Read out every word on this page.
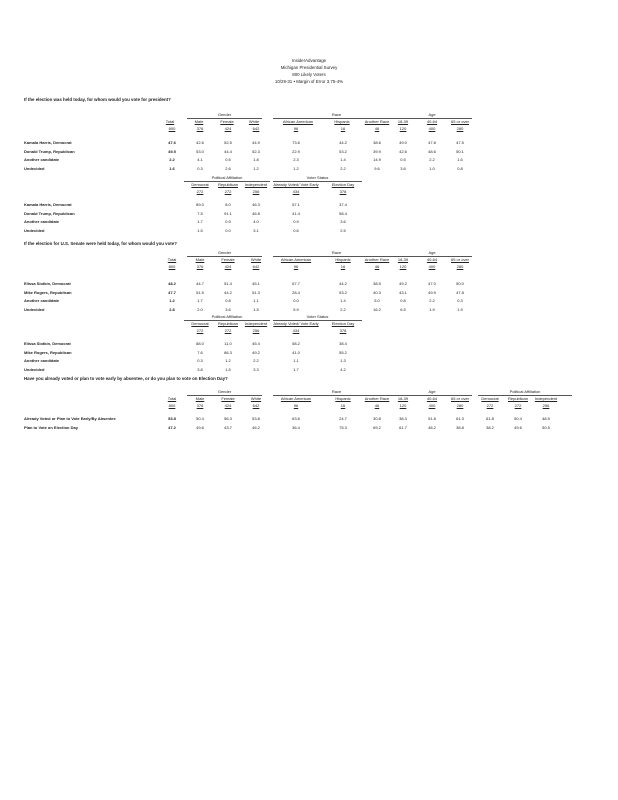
InsiderAdvantage
Michigan Presidential Survey
800 Likely Voters
10/29-31 • Margin of Error 3.75-4%
If the election was held today, for whom would you vote for president?
Gender	Race	Age
Total	Male	Female	White	African American	Hispanic	Another Race	18-39	40-64	65 or over
800	376	424	642	96	16	46	120	400	280
Kamala Harris, Democrat	47.6	42.6	52.5	44.9	73.6	44.2	38.6	49.0	47.8	47.5
Donald Trump, Republican	49.5	53.0	44.4	52.3	22.9	53.2	39.9	42.6	48.6	50.1
Another candidate	2.2	4.1	0.5	1.8	2.3	1.4	14.9	0.5	2.2	1.6
Undecided	1.6	0.3	2.6	1.2	1.2	2.2	9.6	3.6	1.0	0.8
Political Affiliation	Voter Status
Democrat	Republican	Independent	Already Voted/ Vote Early	Election Day
272	272	256	434	378
Kamala Harris, Democrat	89.0	8.0	46.3	57.1	37.4
Donald Trump, Republican	7.5	91.1	46.8	41.4	58.4
Another candidate	1.7	0.9	4.0	0.9	3.6
Undecided	1.5	0.0	3.1	0.6	2.5
If the election for U.S. Senate were held today, for whom would you vote?
Gender	Race	Age
Total	Male	Female	White	African American	Hispanic	Another Race	18-39	40-64	65 or over
800	376	424	642	96	16	46	120	400	280
Elissa Slotkin, Democrat	48.2	44.7	51.4	45.1	67.7	44.2	38.5	49.2	47.0	50.0
Mike Rogers, Republican	47.7	51.5	44.2	51.3	28.4	53.2	40.3	43.1	49.9	47.8
Another candidate	1.2	1.7	0.8	1.1	0.0	1.4	5.0	0.8	2.2	0.3
Undecided	2.8	2.0	3.6	1.5	5.9	2.2	16.2	6.5	1.9	1.9
Political Affiliation	Voter Status
Democrat	Republican	Independent	Already Voted/ Vote Early	Election Day
272	272	256	434	378
Elissa Slotkin, Democrat	88.0	11.0	45.4	58.2	38.4
Mike Rogers, Republican	7.6	86.3	49.2	41.0	55.2
Another candidate	0.3	1.2	2.2	1.1	1.3
Undecided	3.8	1.5	3.3	1.7	4.2
Have you already voted or plan to vote early by absentee, or do you plan to vote on Election Day?
Gender	Race	Age	Political Affiliation
Total	Male	Female	White	African American	Hispanic	Another Race	18-39	40-64	65 or over	Democrat	Republican	Independent
800	376	424	642	96	16	46	120	400	280	272	272	256
Already Voted or Plan to Vote Early/By Absentee	53.8	50.4	56.3	53.8	63.6	24.7	30.8	38.3	51.8	61.3	61.8	50.4	48.5
Plan to Vote on Election Day	47.2	49.6	43.7	46.2	36.4	75.3	69.2	61.7	48.2	38.8	38.2	49.6	50.5
